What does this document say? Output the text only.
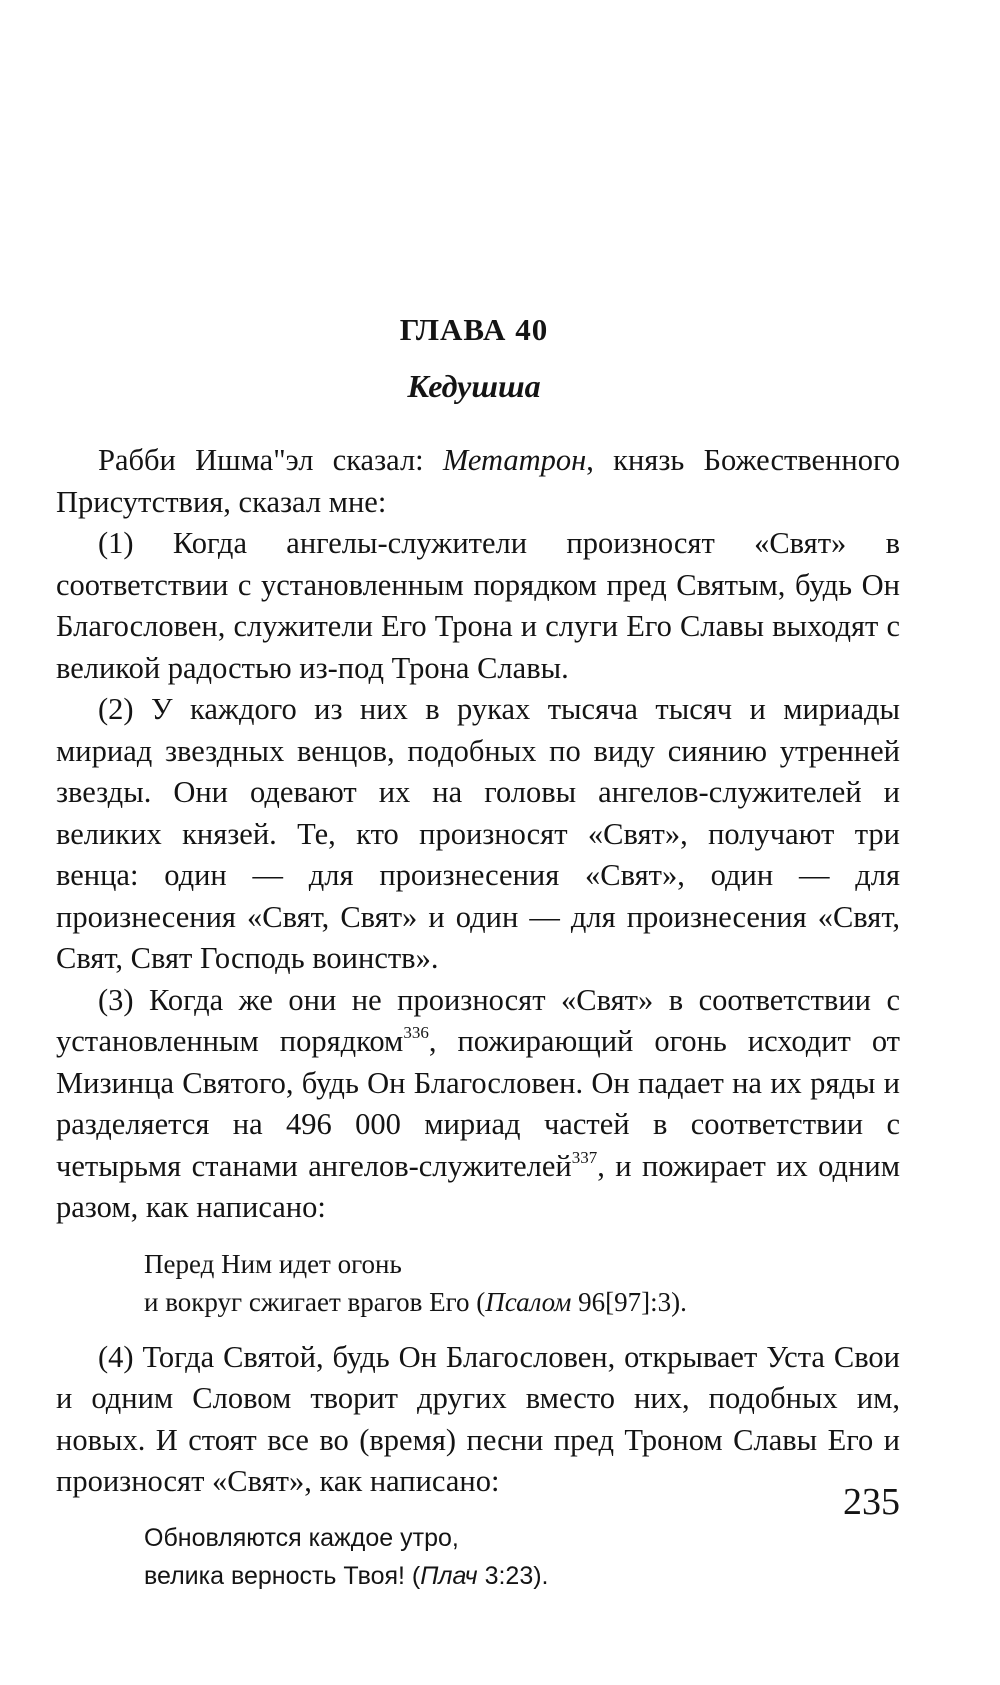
ГЛАВА 40
Кедушша

Рабби Ишма"эл сказал: Метатрон, князь Божественного Присутствия, сказал мне:

(1) Когда ангелы-служители произносят «Свят» в соответствии с установленным порядком пред Святым, будь Он Благословен, служители Его Трона и слуги Его Славы выходят с великой радостью из-под Трона Славы.

(2) У каждого из них в руках тысяча тысяч и мириады мириад звездных венцов, подобных по виду сиянию утренней звезды. Они одевают их на головы ангелов-служителей и великих князей. Те, кто произносят «Свят», получают три венца: один — для произнесения «Свят», один — для произнесения «Свят, Свят» и один — для произнесения «Свят, Свят, Свят Господь воинств».

(3) Когда же они не произносят «Свят» в соответствии с установленным порядком$^{336}$, пожирающий огонь исходит от Мизинца Святого, будь Он Благословен. Он падает на их ряды и разделяется на 496 000 мириад частей в соответствии с четырьмя станами ангелов-служителей$^{337}$, и пожирает их одним разом, как написано:

Перед Ним идет огонь
и вокруг сжигает врагов Его (Псалом 96[97]:3).

(4) Тогда Святой, будь Он Благословен, открывает Уста Свои и одним Словом творит других вместо них, подобных им, новых. И стоят все во (время) песни пред Троном Славы Его и произносят «Свят», как написано:

Обновляются каждое утро,
велика верность Твоя! (Плач 3:23).
235
